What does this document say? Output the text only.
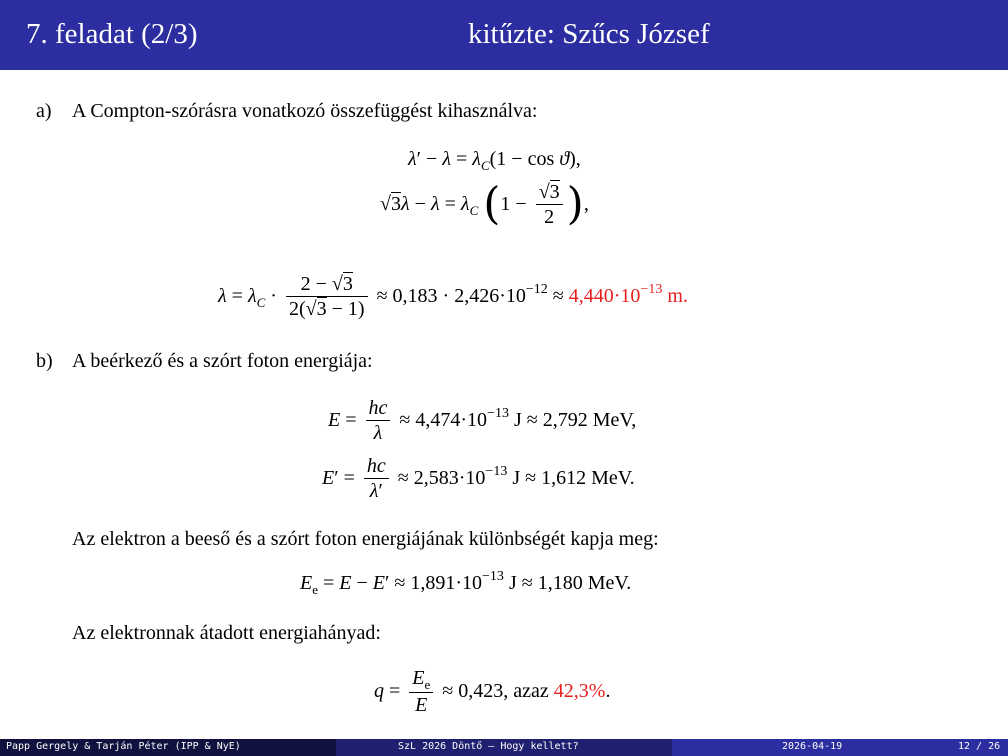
7. feladat (2/3)	kitűzte: Szűcs József
a) A Compton-szórásra vonatkozó összefüggést kihasználva:
$\lambda' - \lambda = \lambda_C(1 - \cos ϑ)$,
$√3\lambda - \lambda = \lambda_C$ ($1 - \frac{√3}{2}$ ),
$\lambda = \lambda_C \cdot \frac{2 - √3}{2(√3 - 1)} \approx 0,183 \cdot 2,426\cdot 10^{-12} \approx 4,440\cdot 10^{-13}$ m.
b) A beérkező és a szórt foton energiája:
$E = \frac{hc}{\lambda} \approx 4,474\cdot 10^{-13}$ J ≈ 2,792 MeV,
$E' = \frac{hc}{\lambda'} \approx 2,583\cdot 10^{-13}$ J ≈ 1,612 MeV.
Az elektron a beeső és a szórt foton energiájának különbségét kapja meg:
$E_e = E - E' \approx 1,891\cdot 10^{-13}$ J ≈ 1,180 MeV.
Az elektronnak átadott energiahányad:
$q = \frac{E_e}{E} \approx 0,423$, azaz 42,3%.
Papp Gergely & Tarján Péter (IPP & NyE)	SzL 2026 Döntő – Hogy kellett?	2026-04-19	12 / 26
